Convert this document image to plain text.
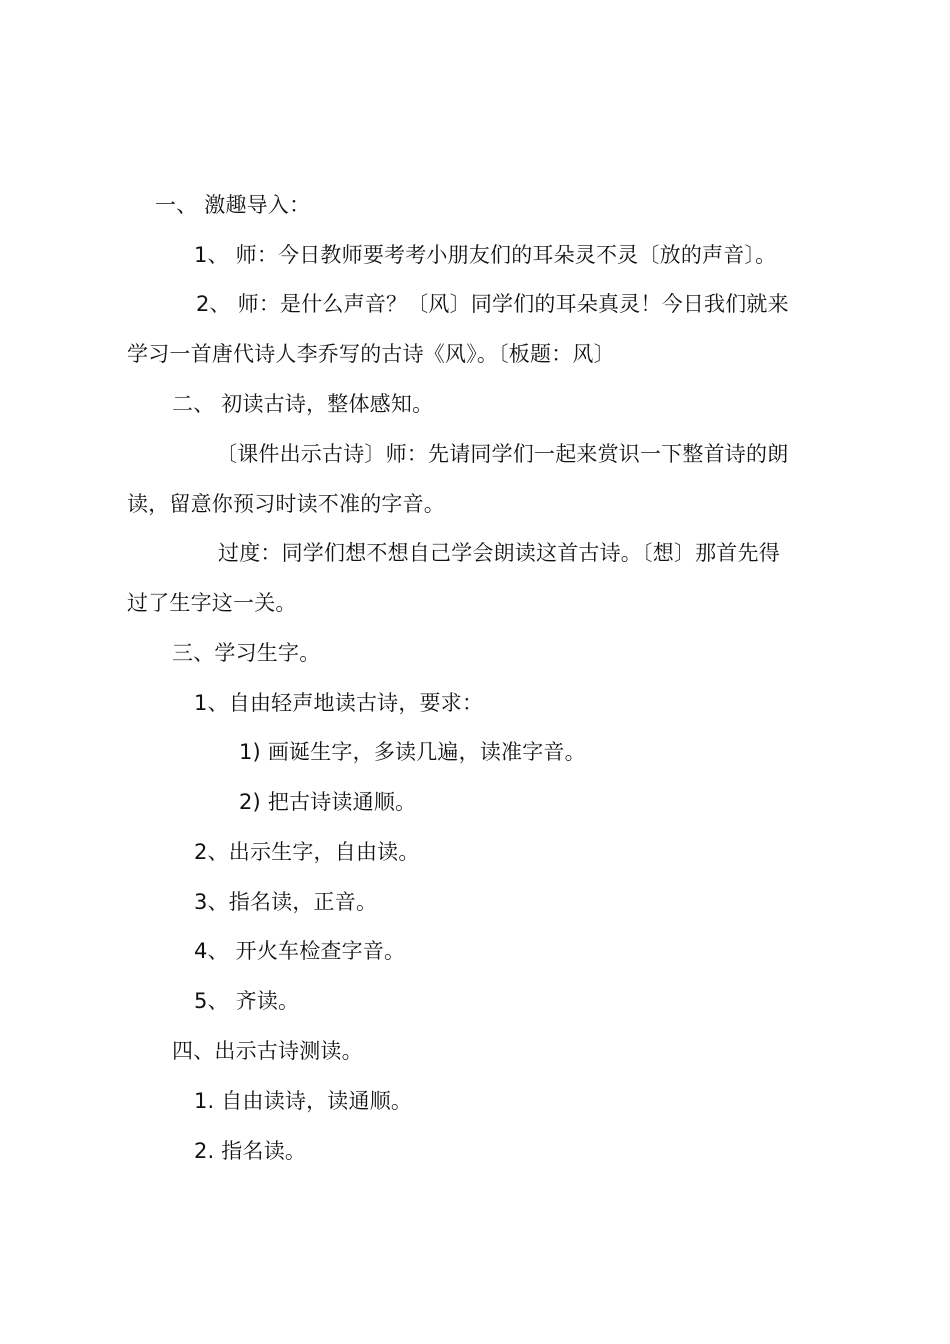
一、 激趣导入：
1、 师：今日教师要考考小朋友们的耳朵灵不灵〔放的声音〕。
2、 师：是什么声音？〔风〕同学们的耳朵真灵！今日我们就来
学习一首唐代诗人李乔写的古诗《风》。〔板题：风〕
二、 初读古诗，整体感知。
〔课件出示古诗〕师：先请同学们一起来赏识一下整首诗的朗
读，留意你预习时读不准的字音。
过度：同学们想不想自己学会朗读这首古诗。〔想〕那首先得
过了生字这一关。
三、学习生字。
1、自由轻声地读古诗，要求：
1) 画诞生字，多读几遍，读准字音。
2) 把古诗读通顺。
2、出示生字，自由读。
3、指名读，正音。
4、 开火车检查字音。
5、 齐读。
四、出示古诗测读。
1. 自由读诗，读通顺。
2. 指名读。
